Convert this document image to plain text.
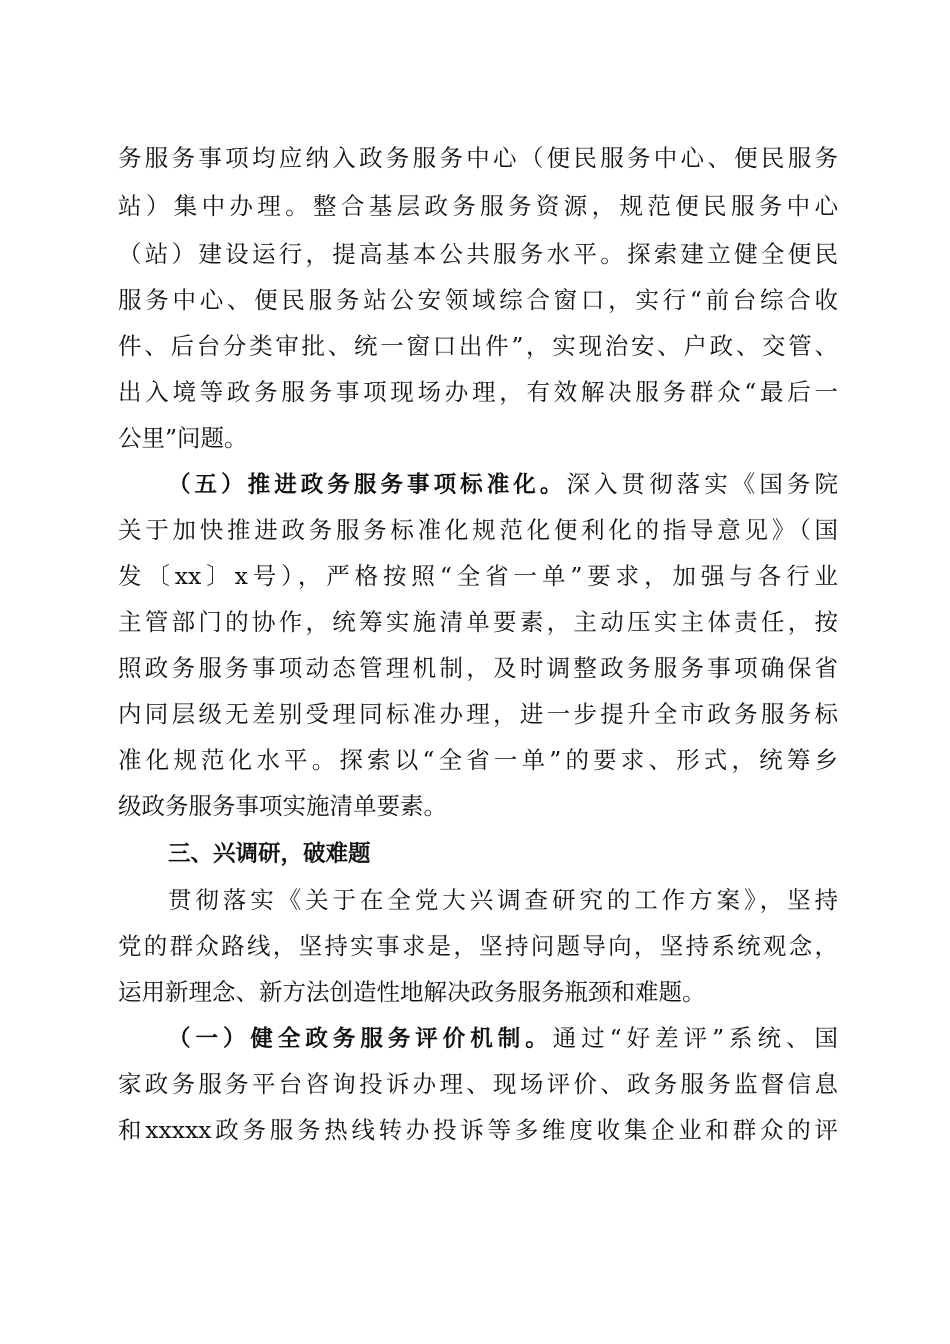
务服务事项均应纳入政务服务中心（便民服务中心、便民服务
站）集中办理。整合基层政务服务资源，规范便民服务中心
（站）建设运行，提高基本公共服务水平。探索建立健全便民
服务中心、便民服务站公安领域综合窗口，实行“前台综合收
件、后台分类审批、统一窗口出件”，实现治安、户政、交管、
出入境等政务服务事项现场办理，有效解决服务群众“最后一
公里”问题。
（五）推进政务服务事项标准化。深入贯彻落实《国务院
关于加快推进政务服务标准化规范化便利化的指导意见》（国
发〔xx〕x号），严格按照“全省一单”要求，加强与各行业
主管部门的协作，统筹实施清单要素，主动压实主体责任，按
照政务服务事项动态管理机制，及时调整政务服务事项确保省
内同层级无差别受理同标准办理，进一步提升全市政务服务标
准化规范化水平。探索以“全省一单”的要求、形式，统筹乡
级政务服务事项实施清单要素。
三、兴调研，破难题
贯彻落实《关于在全党大兴调查研究的工作方案》，坚持
党的群众路线，坚持实事求是，坚持问题导向，坚持系统观念，
运用新理念、新方法创造性地解决政务服务瓶颈和难题。
（一）健全政务服务评价机制。通过“好差评”系统、国
家政务服务平台咨询投诉办理、现场评价、政务服务监督信息
和xxxxx政务服务热线转办投诉等多维度收集企业和群众的评
